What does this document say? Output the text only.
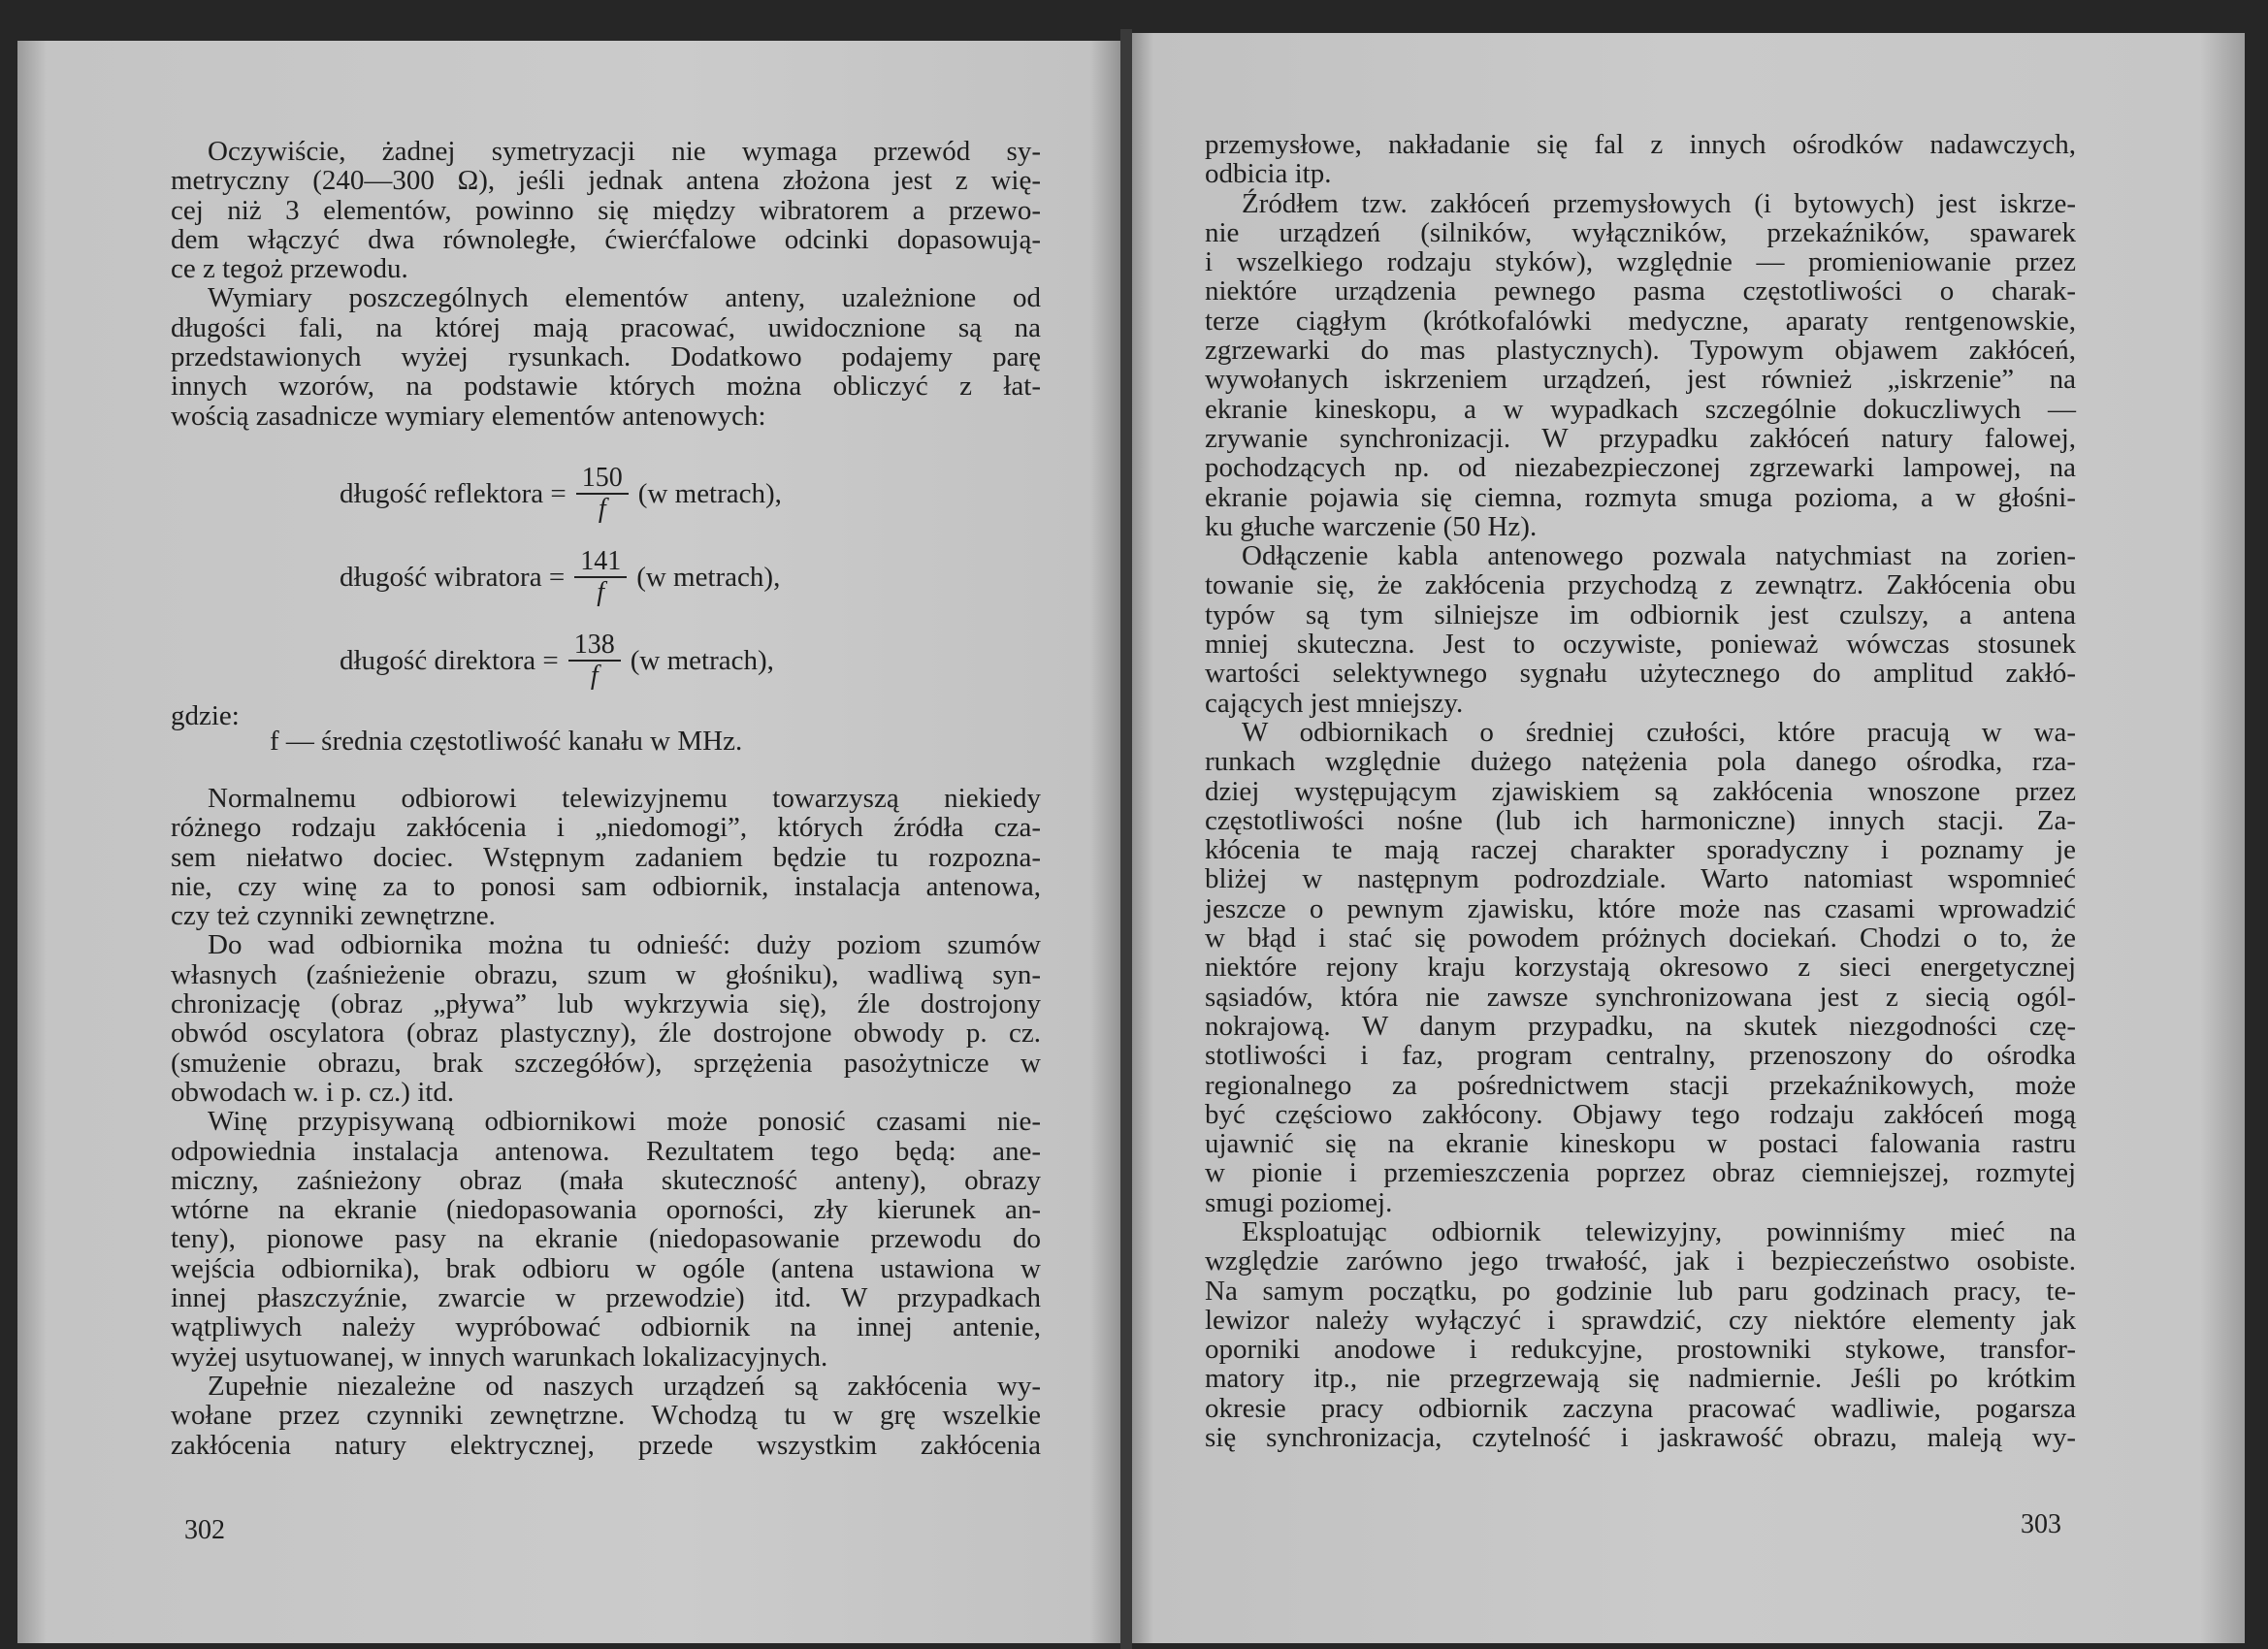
Oczywiście, żadnej symetryzacji nie wymaga przewód sy-
metryczny (240—300 Ω), jeśli jednak antena złożona jest z wię-
cej niż 3 elementów, powinno się między wibratorem a przewo-
dem włączyć dwa równoległe, ćwierćfalowe odcinki dopasowują-
ce z tegoż przewodu.
Wymiary poszczególnych elementów anteny, uzależnione od
długości fali, na której mają pracować, uwidocznione są na
przedstawionych wyżej rysunkach. Dodatkowo podajemy parę
innych wzorów, na podstawie których można obliczyć z łat-
wością zasadnicze wymiary elementów antenowych:
długość reflektora = $\frac{150}{f} (w$ metrach),
długość wibratora = $\frac{141}{f} (w$ metrach),
długość direktora = $\frac{138}{f} (w$ metrach),
gdzie:
f — średnia częstotliwość kanału w MHz.
Normalnemu odbiorowi telewizyjnemu towarzyszą niekiedy
różnego rodzaju zakłócenia i „niedomogi”, których źródła cza-
sem niełatwo dociec. Wstępnym zadaniem będzie tu rozpozna-
nie, czy winę za to ponosi sam odbiornik, instalacja antenowa,
czy też czynniki zewnętrzne.
Do wad odbiornika można tu odnieść: duży poziom szumów
własnych (zaśnieżenie obrazu, szum w głośniku), wadliwą syn-
chronizację (obraz „pływa” lub wykrzywia się), źle dostrojony
obwód oscylatora (obraz plastyczny), źle dostrojone obwody p. cz.
(smużenie obrazu, brak szczegółów), sprzężenia pasożytnicze w
obwodach w. i p. cz.) itd.
Winę przypisywaną odbiornikowi może ponosić czasami nie-
odpowiednia instalacja antenowa. Rezultatem tego będą: ane-
miczny, zaśnieżony obraz (mała skuteczność anteny), obrazy
wtórne na ekranie (niedopasowania oporności, zły kierunek an-
teny), pionowe pasy na ekranie (niedopasowanie przewodu do
wejścia odbiornika), brak odbioru w ogóle (antena ustawiona w
innej płaszczyźnie, zwarcie w przewodzie) itd. W przypadkach
wątpliwych należy wypróbować odbiornik na innej antenie,
wyżej usytuowanej, w innych warunkach lokalizacyjnych.
Zupełnie niezależne od naszych urządzeń są zakłócenia wy-
wołane przez czynniki zewnętrzne. Wchodzą tu w grę wszelkie
zakłócenia natury elektrycznej, przede wszystkim zakłócenia
302
przemysłowe, nakładanie się fal z innych ośrodków nadawczych,
odbicia itp.
Źródłem tzw. zakłóceń przemysłowych (i bytowych) jest iskrze-
nie urządzeń (silników, wyłączników, przekaźników, spawarek
i wszelkiego rodzaju styków), względnie — promieniowanie przez
niektóre urządzenia pewnego pasma częstotliwości o charak-
terze ciągłym (krótkofalówki medyczne, aparaty rentgenowskie,
zgrzewarki do mas plastycznych). Typowym objawem zakłóceń,
wywołanych iskrzeniem urządzeń, jest również „iskrzenie” na
ekranie kineskopu, a w wypadkach szczególnie dokuczliwych —
zrywanie synchronizacji. W przypadku zakłóceń natury falowej,
pochodzących np. od niezabezpieczonej zgrzewarki lampowej, na
ekranie pojawia się ciemna, rozmyta smuga pozioma, a w głośni-
ku głuche warczenie (50 Hz).
Odłączenie kabla antenowego pozwala natychmiast na zorien-
towanie się, że zakłócenia przychodzą z zewnątrz. Zakłócenia obu
typów są tym silniejsze im odbiornik jest czulszy, a antena
mniej skuteczna. Jest to oczywiste, ponieważ wówczas stosunek
wartości selektywnego sygnału użytecznego do amplitud zakłó-
cających jest mniejszy.
W odbiornikach o średniej czułości, które pracują w wa-
runkach względnie dużego natężenia pola danego ośrodka, rza-
dziej występującym zjawiskiem są zakłócenia wnoszone przez
częstotliwości nośne (lub ich harmoniczne) innych stacji. Za-
kłócenia te mają raczej charakter sporadyczny i poznamy je
bliżej w następnym podrozdziale. Warto natomiast wspomnieć
jeszcze o pewnym zjawisku, które może nas czasami wprowadzić
w błąd i stać się powodem próżnych dociekań. Chodzi o to, że
niektóre rejony kraju korzystają okresowo z sieci energetycznej
sąsiadów, która nie zawsze synchronizowana jest z siecią ogól-
nokrajową. W danym przypadku, na skutek niezgodności czę-
stotliwości i faz, program centralny, przenoszony do ośrodka
regionalnego za pośrednictwem stacji przekaźnikowych, może
być częściowo zakłócony. Objawy tego rodzaju zakłóceń mogą
ujawnić się na ekranie kineskopu w postaci falowania rastru
w pionie i przemieszczenia poprzez obraz ciemniejszej, rozmytej
smugi poziomej.
Eksploatując odbiornik telewizyjny, powinniśmy mieć na
względzie zarówno jego trwałość, jak i bezpieczeństwo osobiste.
Na samym początku, po godzinie lub paru godzinach pracy, te-
lewizor należy wyłączyć i sprawdzić, czy niektóre elementy jak
oporniki anodowe i redukcyjne, prostowniki stykowe, transfor-
matory itp., nie przegrzewają się nadmiernie. Jeśli po krótkim
okresie pracy odbiornik zaczyna pracować wadliwie, pogarsza
się synchronizacja, czytelność i jaskrawość obrazu, maleją wy-
303
